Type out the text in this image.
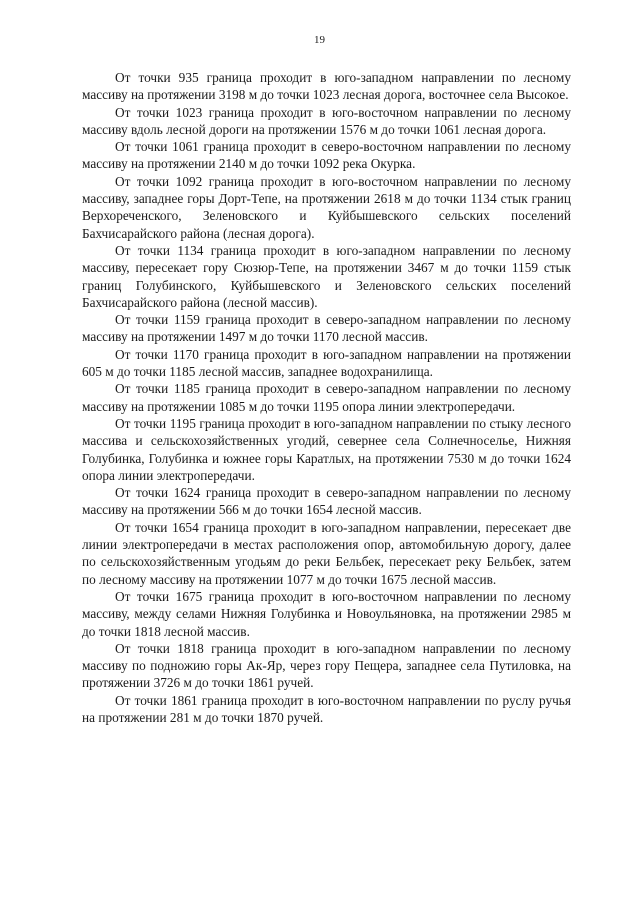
19

От точки 935 граница проходит в юго-западном направлении по лесному массиву на протяжении 3198 м до точки 1023 лесная дорога, восточнее села Высокое.

От точки 1023 граница проходит в юго-восточном направлении по лесному массиву вдоль лесной дороги на протяжении 1576 м до точки 1061 лесная дорога.

От точки 1061 граница проходит в северо-восточном направлении по лесному массиву на протяжении 2140 м до точки 1092 река Окурка.

От точки 1092 граница проходит в юго-восточном направлении по лесному массиву, западнее горы Дорт-Тепе, на протяжении 2618 м до точки 1134 стык границ Верхореченского, Зеленовского и Куйбышевского сельских поселений Бахчисарайского района (лесная дорога).

От точки 1134 граница проходит в юго-западном направлении по лесному массиву, пересекает гору Сюзюр-Тепе, на протяжении 3467 м до точки 1159 стык границ Голубинского, Куйбышевского и Зеленовского сельских поселений Бахчисарайского района (лесной массив).

От точки 1159 граница проходит в северо-западном направлении по лесному массиву на протяжении 1497 м до точки 1170 лесной массив.

От точки 1170 граница проходит в юго-западном направлении на протяжении 605 м до точки 1185 лесной массив, западнее водохранилища.

От точки 1185 граница проходит в северо-западном направлении по лесному массиву на протяжении 1085 м до точки 1195 опора линии электропередачи.

От точки 1195 граница проходит в юго-западном направлении по стыку лесного массива и сельскохозяйственных угодий, севернее села Солнечноселье, Нижняя Голубинка, Голубинка и южнее горы Каратлых, на протяжении 7530 м до точки 1624 опора линии электропередачи.

От точки 1624 граница проходит в северо-западном направлении по лесному массиву на протяжении 566 м до точки 1654 лесной массив.

От точки 1654 граница проходит в юго-западном направлении, пересекает две линии электропередачи в местах расположения опор, автомобильную дорогу, далее по сельскохозяйственным угодьям до реки Бельбек, пересекает реку Бельбек, затем по лесному массиву на протяжении 1077 м до точки 1675 лесной массив.

От точки 1675 граница проходит в юго-восточном направлении по лесному массиву, между селами Нижняя Голубинка и Новоульяновка, на протяжении 2985 м до точки 1818 лесной массив.

От точки 1818 граница проходит в юго-западном направлении по лесному массиву по подножию горы Ак-Яр, через гору Пещера, западнее села Путиловка, на протяжении 3726 м до точки 1861 ручей.

От точки 1861 граница проходит в юго-восточном направлении по руслу ручья на протяжении 281 м до точки 1870 ручей.
